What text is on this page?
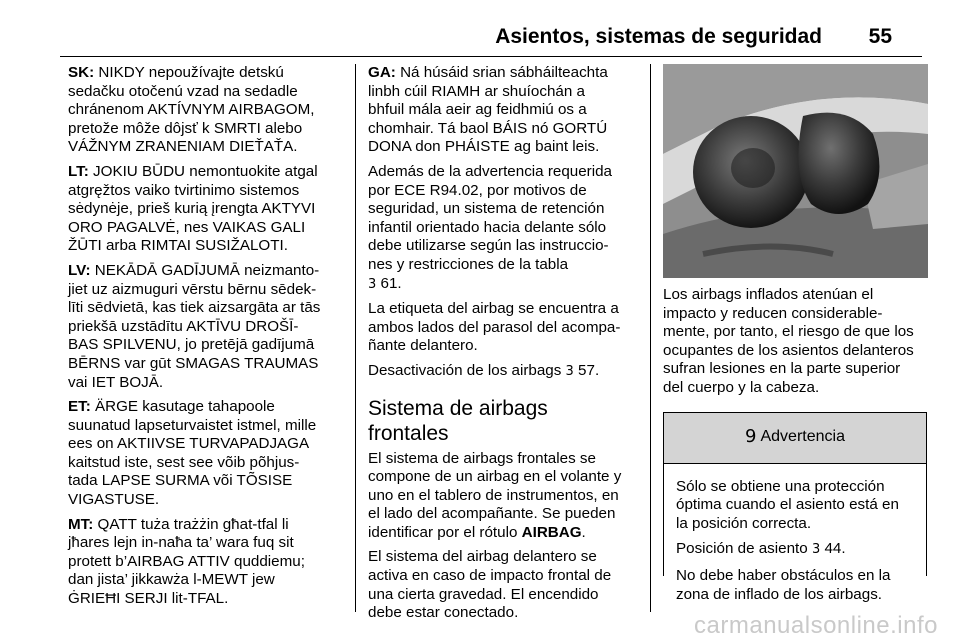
Asientos, sistemas de seguridad 55

SK: NIKDY nepoužívajte detskú
sedačku otočenú vzad na sedadle
chránenom AKTÍVNYM AIRBAGOM,
pretože môže dôjsť k SMRTI alebo
VÁŽNYM ZRANENIAM DIEŤAŤA.

LT: JOKIU BŪDU nemontuokite atgal
atgręžtos vaiko tvirtinimo sistemos
sėdynėje, prieš kurią įrengta AKTYVI
ORO PAGALVĖ, nes VAIKAS GALI
ŽŪTI arba RIMTAI SUSIŽALOTI.

LV: NEKĀDĀ GADĪJUMĀ neizmanto-
jiet uz aizmuguri vērstu bērnu sēdek-
līti sēdvietā, kas tiek aizsargāta ar tās
priekšā uzstādītu AKTĪVU DROŠĪ-
BAS SPILVENU, jo pretējā gadījumā
BĒRNS var gūt SMAGAS TRAUMAS
vai IET BOJĀ.

ET: ÄRGE kasutage tahapoole
suunatud lapseturvaistet istmel, mille
ees on AKTIIVSE TURVAPADJAGA
kaitstud iste, sest see võib põhjus-
tada LAPSE SURMA või TÕSISE
VIGASTUSE.

MT: QATT tuża trażżin għat-tfal li
jħares lejn in-naħa ta’ wara fuq sit
protett b’AIRBAG ATTIV quddiemu;
dan jista’ jikkawża l-MEWT jew
ĠRIEĦI SERJI lit-TFAL.

GA: Ná húsáid srian sábháilteachta
linbh cúil RIAMH ar shuíochán a
bhfuil mála aeir ag feidhmiú os a
chomhair. Tá baol BÁIS nó GORTÚ
DONA don PHÁISTE ag baint leis.

Además de la advertencia requerida
por ECE R94.02, por motivos de
seguridad, un sistema de retención
infantil orientado hacia delante sólo
debe utilizarse según las instruccio-
nes y restricciones de la tabla
3 61.

La etiqueta del airbag se encuentra a
ambos lados del parasol del acompa-
ñante delantero.

Desactivación de los airbags 3 57.

Sistema de airbags
frontales

El sistema de airbags frontales se
compone de un airbag en el volante y
uno en el tablero de instrumentos, en
el lado del acompañante. Se pueden
identificar por el rótulo AIRBAG.

El sistema del airbag delantero se
activa en caso de impacto frontal de
una cierta gravedad. El encendido
debe estar conectado.

Los airbags inflados atenúan el
impacto y reducen considerable-
mente, por tanto, el riesgo de que los
ocupantes de los asientos delanteros
sufran lesiones en la parte superior
del cuerpo y la cabeza.

9 Advertencia

Sólo se obtiene una protección
óptima cuando el asiento está en
la posición correcta.

Posición de asiento 3 44.

No debe haber obstáculos en la
zona de inflado de los airbags.

carmanualsonline.info
